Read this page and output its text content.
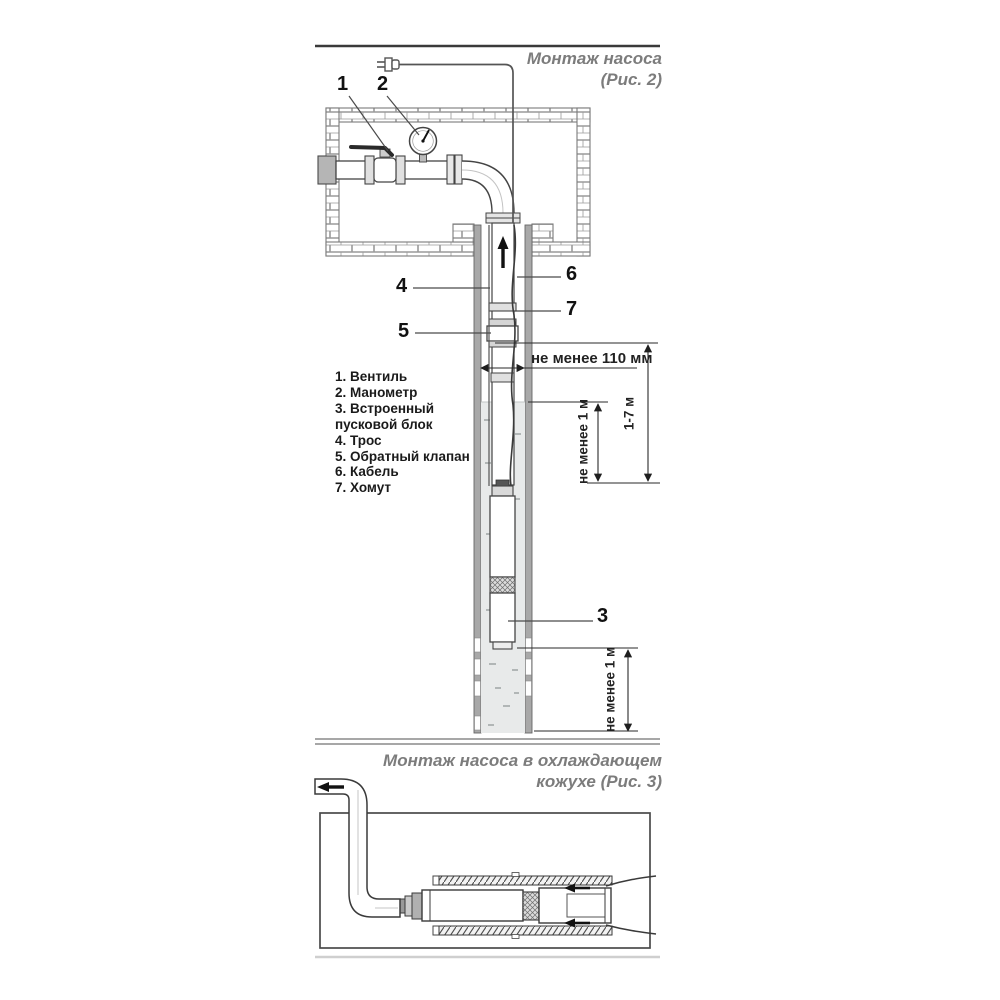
Монтаж насоса
(Рис. 2)
1 2
4
6
7
5
3
1. Вентиль
2. Манометр
3. Встроенный
пусковой блок
4. Трос
5. Обратный клапан
6. Кабель
7. Хомут
не менее 110 мм
не менее 1 м 1-7 м
не менее 1 м
Монтаж насоса в охлаждающем
кожухе (Рис. 3)
